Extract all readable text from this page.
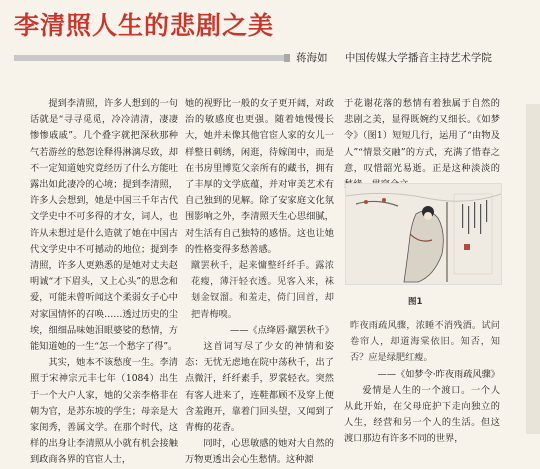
李清照人生的悲剧之美
蒋海如 中国传媒大学播音主持艺术学院

提到李清照，许多人想到的一句话就是“寻寻觅觅，冷冷清清，凄凄惨惨戚戚”。几个叠字就把深秋那种气若游丝的愁怨诠释得淋漓尽致，却不一定知道她究竟经历了什么方能吐露出如此凄冷的心境；提到李清照，许多人会想到，她是中国三千年古代文学史中不可多得的才女，词人，也许从未想过是什么造就了她在中国古代文学史中不可撼动的地位；提到李清照，许多人更熟悉的是她对丈夫赵明诚“才下眉头，又上心头”的思念和爱，可能未曾听闻这个柔弱女子心中对家国情怀的召唤……透过历史的尘埃，细细品味她泪眼婆娑的愁情，方能知道她的一生“怎一个愁字了得”。

其实，她本不该愁度一生。李清照于宋神宗元丰七年（1084）出生于一个大户人家，她的父亲李格非在朝为官，是苏东坡的学生；母亲是大家闺秀，善属文学。在那个时代，这样的出身让李清照从小就有机会接触到政商各界的官宦人士，

她的视野比一般的女子更开阔，对政治的敏感度也更强。随着她慢慢长大，她并未像其他官宦人家的女儿一样整日刺绣，闲逛，待嫁闺中，而是在书房里博览父亲所有的藏书，拥有了丰厚的文学底蕴，并对审美艺术有自己独到的见解。除了安家庭文化氛围影响之外，李清照天生心思细腻，对生活有自己独特的感悟。这也让她的性格变得多愁善感。

蹴罢秋千，起来慵整纤纤手。露浓花瘦，薄汗轻衣透。见客入来，袜刬金钗溜。和羞走，倚门回首，却把青梅嗅。

——《点绛唇·蹴罢秋千》

这首词写尽了少女的神情和姿态：无忧无虑地在院中荡秋千，出了点微汗，纤纤素手，罗裳轻衣。突然有客人进来了，连鞋都顾不及穿上便含羞跑开，靠着门回头望，又闻到了青梅的花香。

同时，心思敏感的她对大自然的万物更透出会心生愁情。这种源

于花谢花落的愁情有着独属于自然的悲剧之美，显得既婉约又细长。《如梦令》（图1）短短几行，运用了“由物及人”“情景交融”的方式，充满了惜春之意，叹惜韶光易逝。正是这种淡淡的

图1

昨夜雨疏风骤，浓睡不消残酒。试问卷帘人，却道海棠依旧。知否，知否？应是绿肥红瘦。

——《如梦令·昨夜雨疏风骤》

爱情是人生的一个渡口。一个人从此开始，在父母庇护下走向独立的人生，经营和另一个人的生活。但这渡口那边有许多不同的世界，
